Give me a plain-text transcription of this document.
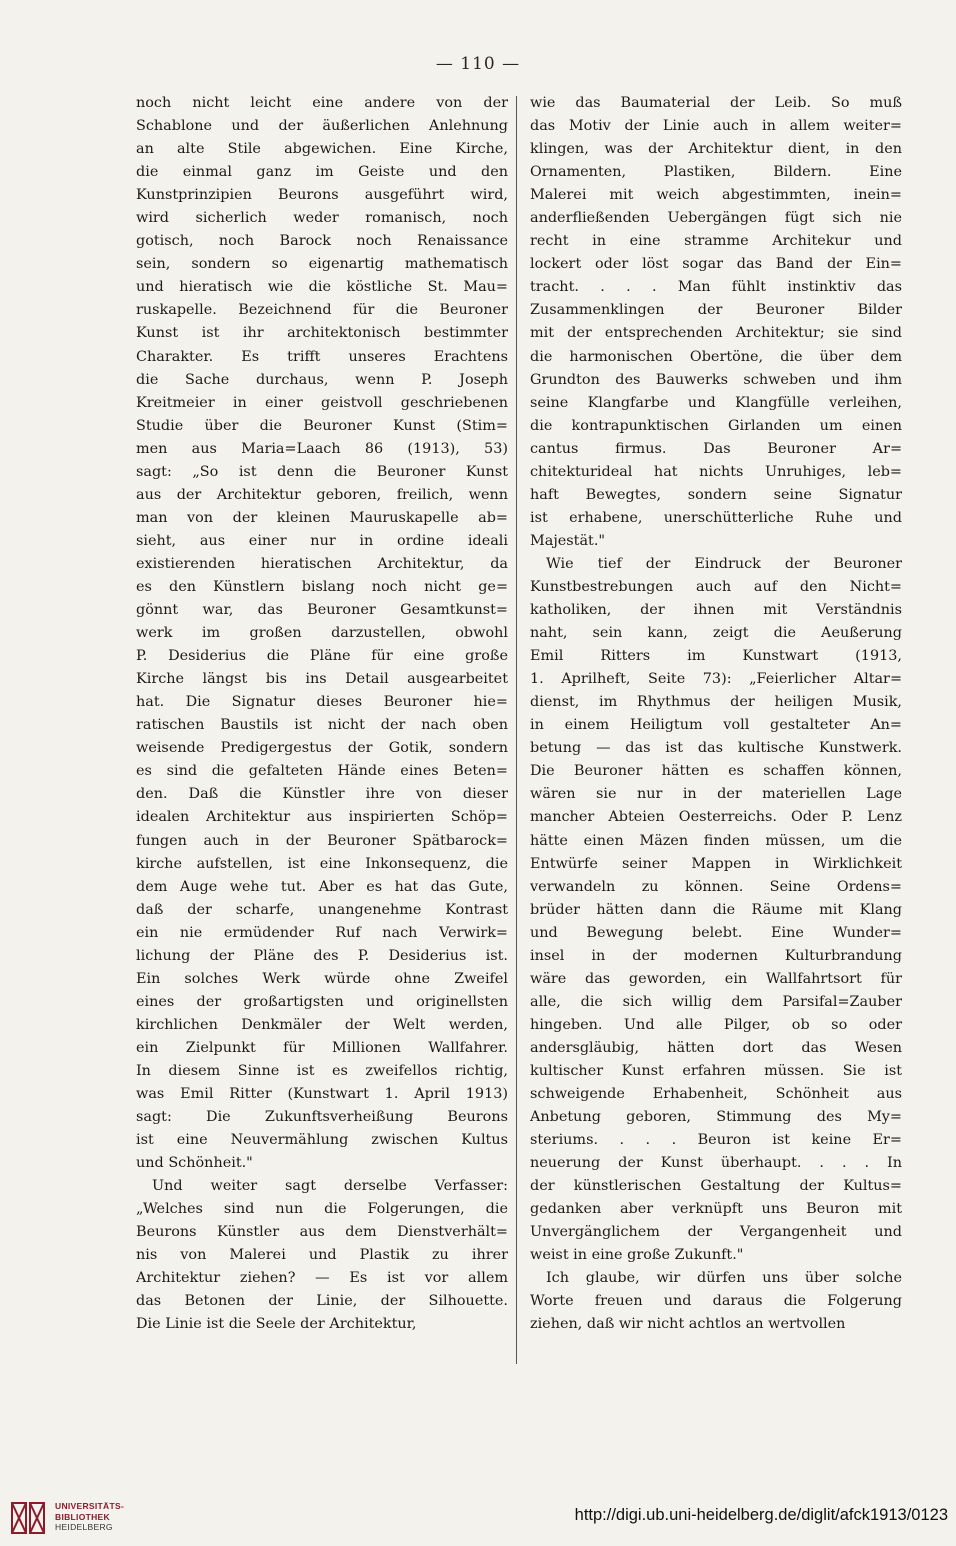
— 110 —
noch nicht leicht eine andere von der
Schablone und der äußerlichen Anlehnung
an alte Stile abgewichen. Eine Kirche,
die einmal ganz im Geiste und den
Kunstprinzipien Beurons ausgeführt wird,
wird sicherlich weder romanisch, noch
gotisch, noch Barock noch Renaissance
sein, sondern so eigenartig mathematisch
und hieratisch wie die köstliche St. Mau=
ruskapelle. Bezeichnend für die Beuroner
Kunst ist ihr architektonisch bestimmter
Charakter. Es trifft unseres Erachtens
die Sache durchaus, wenn P. Joseph
Kreitmeier in einer geistvoll geschriebenen
Studie über die Beuroner Kunst (Stim=
men aus Maria=Laach 86 (1913), 53)
sagt: „So ist denn die Beuroner Kunst
aus der Architektur geboren, freilich, wenn
man von der kleinen Mauruskapelle ab=
sieht, aus einer nur in ordine ideali
existierenden hieratischen Architektur, da
es den Künstlern bislang noch nicht ge=
gönnt war, das Beuroner Gesamtkunst=
werk im großen darzustellen, obwohl
P. Desiderius die Pläne für eine große
Kirche längst bis ins Detail ausgearbeitet
hat. Die Signatur dieses Beuroner hie=
ratischen Baustils ist nicht der nach oben
weisende Predigergestus der Gotik, sondern
es sind die gefalteten Hände eines Beten=
den. Daß die Künstler ihre von dieser
idealen Architektur aus inspirierten Schöp=
fungen auch in der Beuroner Spätbarock=
kirche aufstellen, ist eine Inkonsequenz, die
dem Auge wehe tut. Aber es hat das Gute,
daß der scharfe, unangenehme Kontrast
ein nie ermüdender Ruf nach Verwirk=
lichung der Pläne des P. Desiderius ist.
Ein solches Werk würde ohne Zweifel
eines der großartigsten und originellsten
kirchlichen Denkmäler der Welt werden,
ein Zielpunkt für Millionen Wallfahrer.
In diesem Sinne ist es zweifellos richtig,
was Emil Ritter (Kunstwart 1. April 1913)
sagt: Die Zukunftsverheißung Beurons
ist eine Neuvermählung zwischen Kultus
und Schönheit."
Und weiter sagt derselbe Verfasser:
„Welches sind nun die Folgerungen, die
Beurons Künstler aus dem Dienstverhält=
nis von Malerei und Plastik zu ihrer
Architektur ziehen? — Es ist vor allem
das Betonen der Linie, der Silhouette.
Die Linie ist die Seele der Architektur,
wie das Baumaterial der Leib. So muß
das Motiv der Linie auch in allem weiter=
klingen, was der Architektur dient, in den
Ornamenten, Plastiken, Bildern. Eine
Malerei mit weich abgestimmten, inein=
anderfließenden Uebergängen fügt sich nie
recht in eine stramme Architekur und
lockert oder löst sogar das Band der Ein=
tracht. . . . Man fühlt instinktiv das
Zusammenklingen der Beuroner Bilder
mit der entsprechenden Architektur; sie sind
die harmonischen Obertöne, die über dem
Grundton des Bauwerks schweben und ihm
seine Klangfarbe und Klangfülle verleihen,
die kontrapunktischen Girlanden um einen
cantus firmus. Das Beuroner Ar=
chitekturideal hat nichts Unruhiges, leb=
haft Bewegtes, sondern seine Signatur
ist erhabene, unerschütterliche Ruhe und
Majestät."
Wie tief der Eindruck der Beuroner
Kunstbestrebungen auch auf den Nicht=
katholiken, der ihnen mit Verständnis
naht, sein kann, zeigt die Aeußerung
Emil Ritters im Kunstwart (1913,
1. Aprilheft, Seite 73): „Feierlicher Altar=
dienst, im Rhythmus der heiligen Musik,
in einem Heiligtum voll gestalteter An=
betung — das ist das kultische Kunstwerk.
Die Beuroner hätten es schaffen können,
wären sie nur in der materiellen Lage
mancher Abteien Oesterreichs. Oder P. Lenz
hätte einen Mäzen finden müssen, um die
Entwürfe seiner Mappen in Wirklichkeit
verwandeln zu können. Seine Ordens=
brüder hätten dann die Räume mit Klang
und Bewegung belebt. Eine Wunder=
insel in der modernen Kulturbrandung
wäre das geworden, ein Wallfahrtsort für
alle, die sich willig dem Parsifal=Zauber
hingeben. Und alle Pilger, ob so oder
andersgläubig, hätten dort das Wesen
kultischer Kunst erfahren müssen. Sie ist
schweigende Erhabenheit, Schönheit aus
Anbetung geboren, Stimmung des My=
steriums. . . . Beuron ist keine Er=
neuerung der Kunst überhaupt. . . . In
der künstlerischen Gestaltung der Kultus=
gedanken aber verknüpft uns Beuron mit
Unvergänglichem der Vergangenheit und
weist in eine große Zukunft."
Ich glaube, wir dürfen uns über solche
Worte freuen und daraus die Folgerung
ziehen, daß wir nicht achtlos an wertvollen
UNIVERSITÄTS-
BIBLIOTHEK
HEIDELBERG
http://digi.ub.uni-heidelberg.de/diglit/afck1913/0123
